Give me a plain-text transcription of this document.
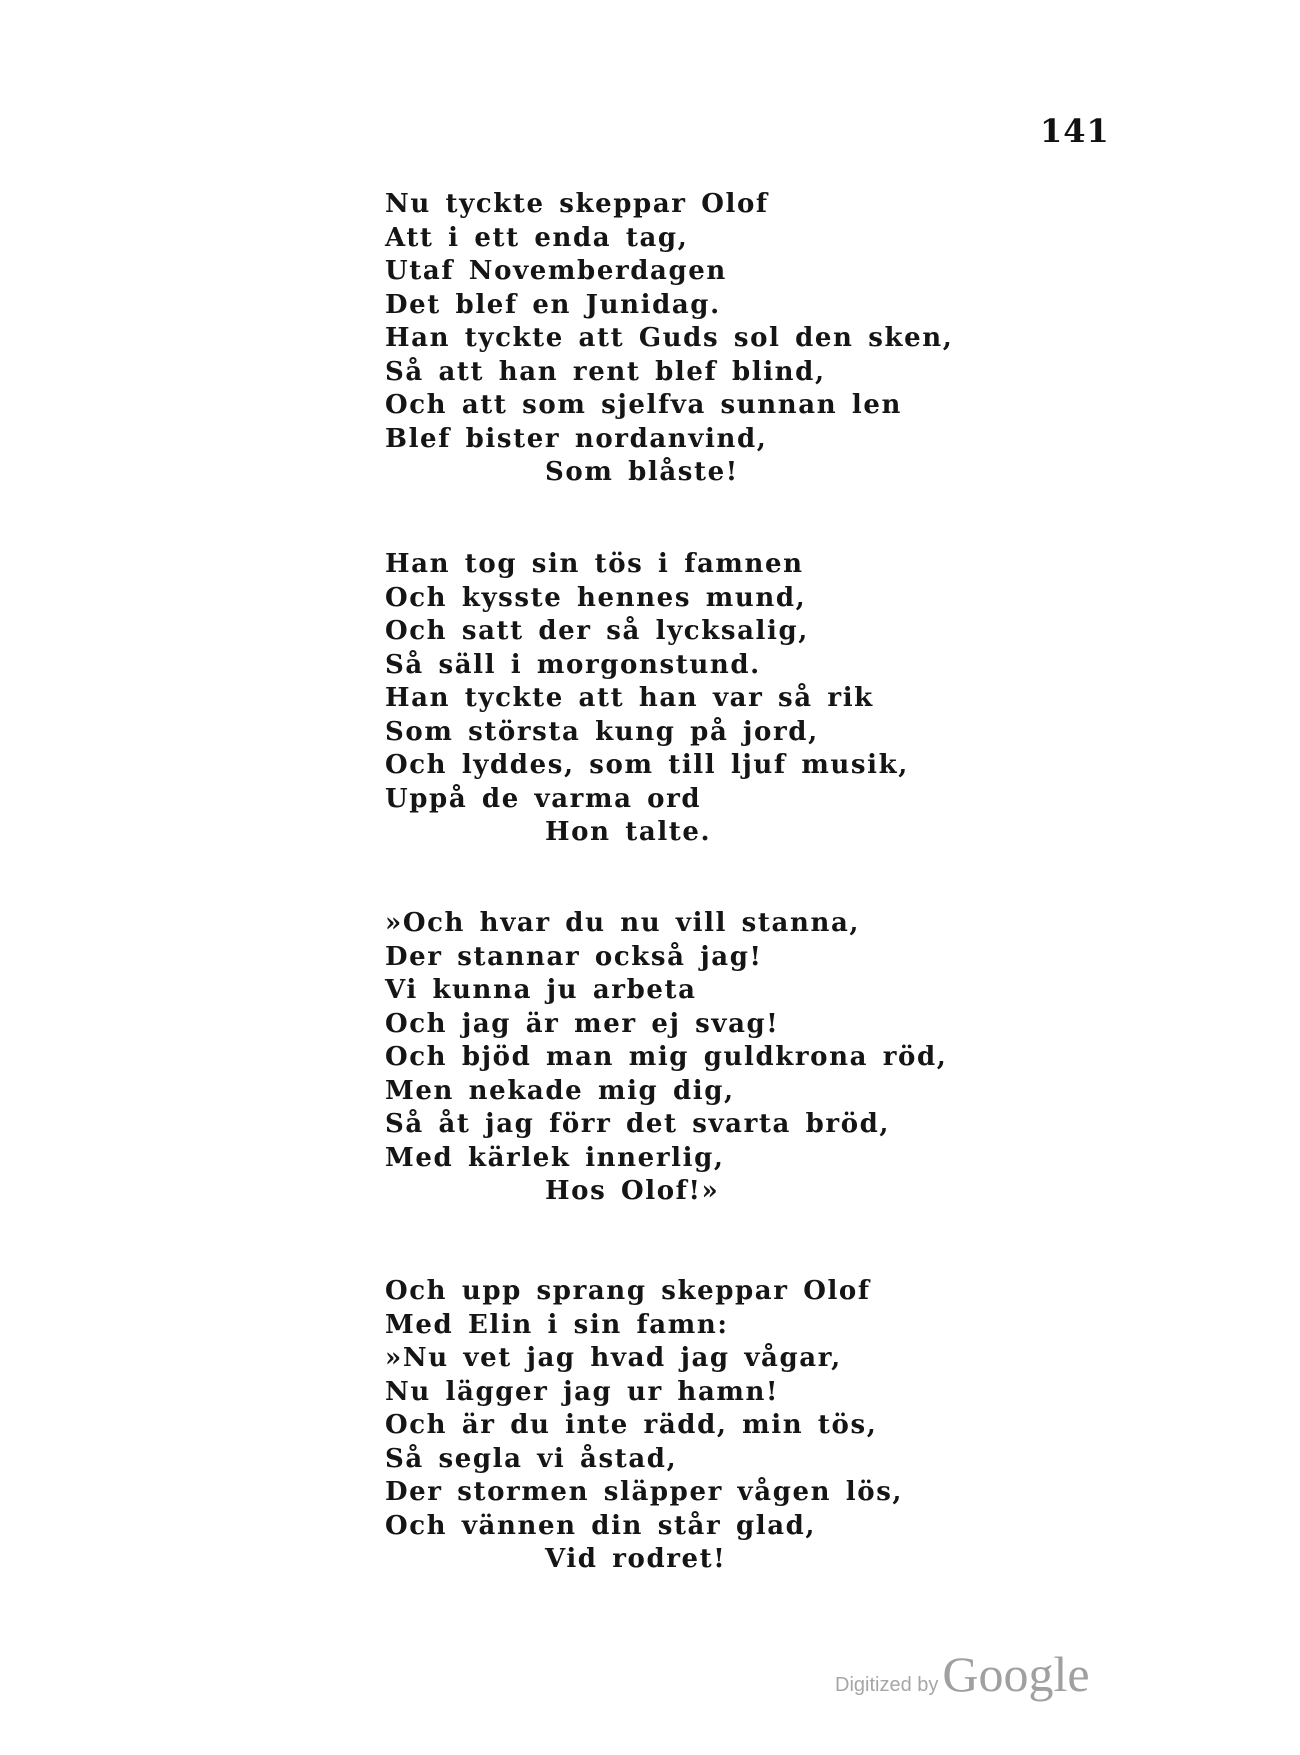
141
Nu tyckte skeppar Olof
Att i ett enda tag,
Utaf Novemberdagen
Det blef en Junidag.
Han tyckte att Guds sol den sken,
Så att han rent blef blind,
Och att som sjelfva sunnan len
Blef bister nordanvind,
Som blåste!
Han tog sin tös i famnen
Och kysste hennes mund,
Och satt der så lycksalig,
Så säll i morgonstund.
Han tyckte att han var så rik
Som största kung på jord,
Och lyddes, som till ljuf musik,
Uppå de varma ord
Hon talte.
»Och hvar du nu vill stanna,
Der stannar också jag!
Vi kunna ju arbeta
Och jag är mer ej svag!
Och bjöd man mig guldkrona röd,
Men nekade mig dig,
Så åt jag förr det svarta bröd,
Med kärlek innerlig,
Hos Olof!»
Och upp sprang skeppar Olof
Med Elin i sin famn:
»Nu vet jag hvad jag vågar,
Nu lägger jag ur hamn!
Och är du inte rädd, min tös,
Så segla vi åstad,
Der stormen släpper vågen lös,
Och vännen din står glad,
Vid rodret!
Digitized by Google
